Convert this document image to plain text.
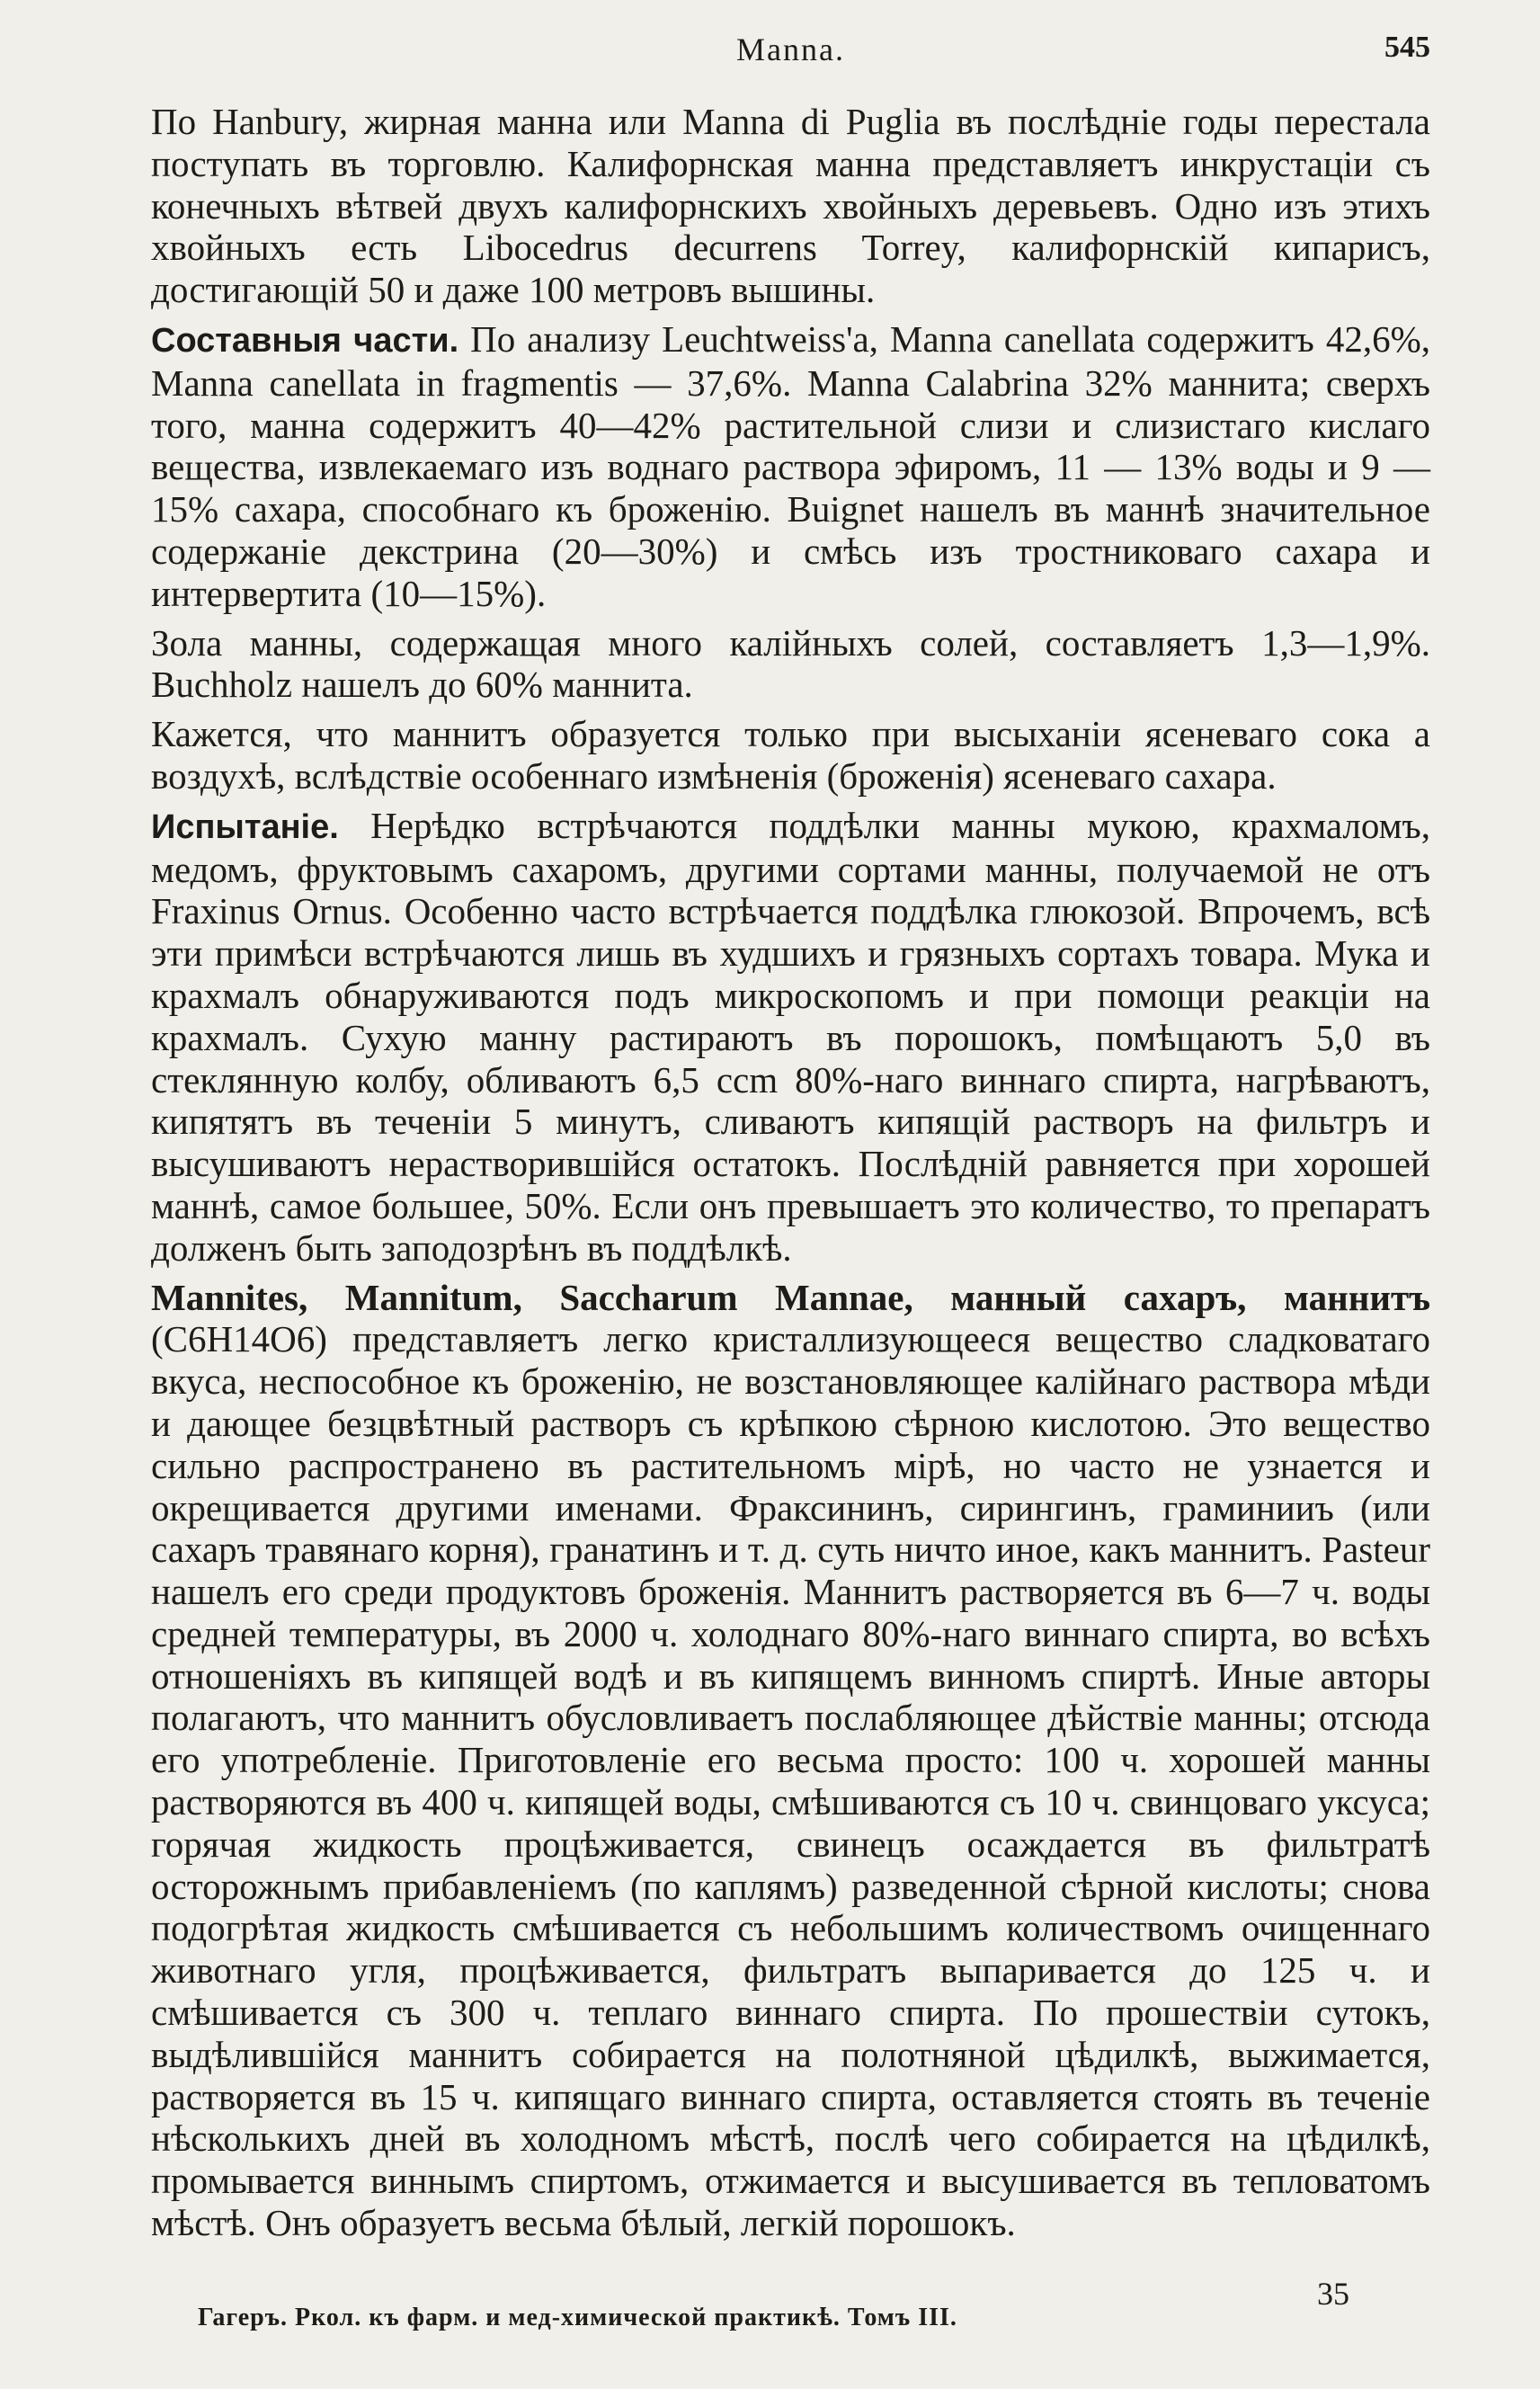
Manna.	545

По Hanbury, жирная манна или Manna di Puglia въ послѣдніе годы перестала поступать въ торговлю. Калифорнская манна представляетъ инкрустаціи съ конечныхъ вѣтвей двухъ калифорнскихъ хвойныхъ деревьевъ. Одно изъ этихъ хвойныхъ есть Libocedrus decurrens Torrey, калифорнскій кипарисъ, достигающій 50 и даже 100 метровъ вышины.

Составныя части. По анализу Leuchtweiss'a, Manna canellata содержитъ 42,6%, Manna canellata in fragmentis — 37,6%. Manna Calabrina 32% маннита; сверхъ того, манна содержитъ 40—42% растительной слизи и слизистаго кислаго вещества, извлекаемаго изъ воднаго раствора эфиромъ, 11 — 13% воды и 9 — 15% сахара, способнаго къ броженію. Buignet нашелъ въ маннѣ значительное содержаніе декстрина (20—30%) и смѣсь изъ тростниковаго сахара и интервертита (10—15%).

Зола манны, содержащая много калійныхъ солей, составляетъ 1,3—1,9%. Buchholz нашелъ до 60% маннита.

Кажется, что маннитъ образуется только при высыханіи ясеневаго сока а воздухѣ, вслѣдствіе особеннаго измѣненія (броженія) ясеневаго сахара.

Испытаніе. Нерѣдко встрѣчаются поддѣлки манны мукою, крахмаломъ, медомъ, фруктовымъ сахаромъ, другими сортами манны, получаемой не отъ Fraxinus Ornus. Особенно часто встрѣчается поддѣлка глюкозой. Впрочемъ, всѣ эти примѣси встрѣчаются лишь въ худшихъ и грязныхъ сортахъ товара. Мука и крахмалъ обнаруживаются подъ микроскопомъ и при помощи реакціи на крахмалъ. Сухую манну растираютъ въ порошокъ, помѣщаютъ 5,0 въ стеклянную колбу, обливаютъ 6,5 ccm 80%-наго виннаго спирта, нагрѣваютъ, кипятятъ въ теченіи 5 минутъ, сливаютъ кипящій растворъ на фильтръ и высушиваютъ нерастворившійся остатокъ. Послѣдній равняется при хорошей маннѣ, самое большее, 50%. Если онъ превышаетъ это количество, то препаратъ долженъ быть заподозрѣнъ въ поддѣлкѣ.

Mannites, Mannitum, Saccharum Mannae, манный сахаръ, маннитъ (C6H14O6) представляетъ легко кристаллизующееся вещество сладковатаго вкуса, неспособное къ броженію, не возстановляющее калійнаго раствора мѣди и дающее безцвѣтный растворъ съ крѣпкою сѣрною кислотою. Это вещество сильно распространено въ растительномъ мірѣ, но часто не узнается и окрещивается другими именами. Фраксининъ, сирингинъ, граминииъ (или сахаръ травянаго корня), гранатинъ и т. д. суть ничто иное, какъ маннитъ. Pasteur нашелъ его среди продуктовъ броженія. Маннитъ растворяется въ 6—7 ч. воды средней температуры, въ 2000 ч. холоднаго 80%-наго виннаго спирта, во всѣхъ отношеніяхъ въ кипящей водѣ и въ кипящемъ винномъ спиртѣ. Иные авторы полагаютъ, что маннитъ обусловливаетъ послабляющее дѣйствіе манны; отсюда его употребленіе. Приготовленіе его весьма просто: 100 ч. хорошей манны растворяются въ 400 ч. кипящей воды, смѣшиваются съ 10 ч. свинцоваго уксуса; горячая жидкость процѣживается, свинецъ осаждается въ фильтратѣ осторожнымъ прибавленіемъ (по каплямъ) разведенной сѣрной кислоты; снова подогрѣтая жидкость смѣшивается съ небольшимъ количествомъ очищеннаго животнаго угля, процѣживается, фильтратъ выпаривается до 125 ч. и смѣшивается съ 300 ч. теплаго виннаго спирта. По прошествіи сутокъ, выдѣлившійся маннитъ собирается на полотняной цѣдилкѣ, выжимается, растворяется въ 15 ч. кипящаго виннаго спирта, оставляется стоять въ теченіе нѣсколькихъ дней въ холодномъ мѣстѣ, послѣ чего собирается на цѣдилкѣ, промывается виннымъ спиртомъ, отжимается и высушивается въ тепловатомъ мѣстѣ. Онъ образуетъ весьма бѣлый, легкій порошокъ.

35
Гагеръ. Ркол. къ фарм. и мед-химической практикѣ. Томъ III.
